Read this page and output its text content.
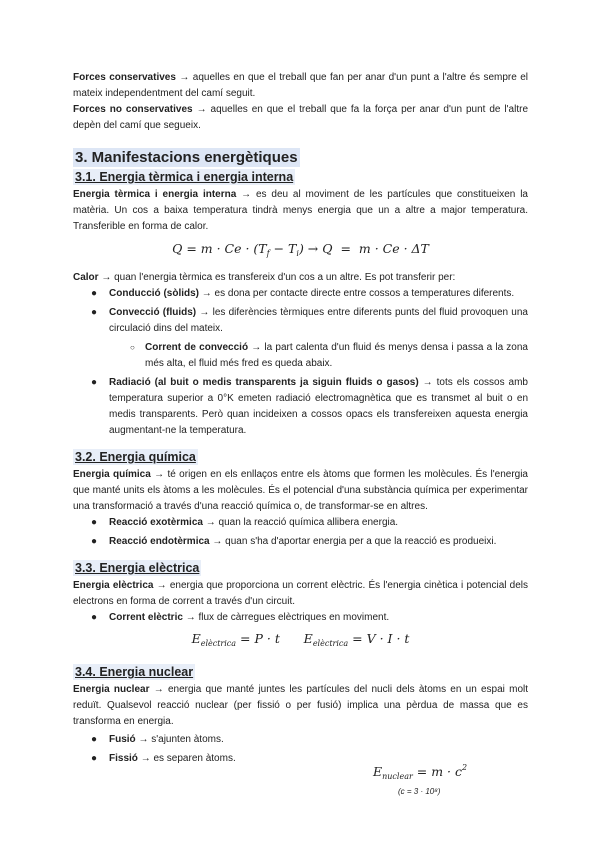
Forces conservatives → aquelles en que el treball que fan per anar d'un punt a l'altre és sempre el mateix independentment del camí seguit.

Forces no conservatives → aquelles en que el treball que fa la força per anar d'un punt de l'altre depèn del camí que segueix.

3. Manifestacions energètiques
3.1. Energia tèrmica i energia interna

Energia tèrmica i energia interna → es deu al moviment de les partícules que constitueixen la matèria. Un cos a baixa temperatura tindrà menys energia que un a altre a major temperatura. Transferible en forma de calor.

$Q = m \cdot Ce \cdot (T_f - T_i) \to Q = m \cdot Ce \cdot \Delta T$

Calor → quan l'energia tèrmica es transfereix d'un cos a un altre. Es pot transferir per:

● Conducció (sòlids) → es dona per contacte directe entre cossos a temperatures diferents.
● Convecció (fluids) → les diferències tèrmiques entre diferents punts del fluid provoquen una circulació dins del mateix.
○ Corrent de convecció → la part calenta d'un fluid és menys densa i passa a la zona més alta, el fluid més fred es queda abaix.
● Radiació (al buit o medis transparents ja siguin fluids o gasos) → tots els cossos amb temperatura superior a 0°K emeten radiació electromagnètica que es transmet al buit o en medis transparents. Però quan incideixen a cossos opacs els transfereixen aquesta energia augmentant-ne la temperatura.
3.2. Energia química

Energia química → té origen en els enllaços entre els àtoms que formen les molècules. És l'energia que manté units els àtoms a les molècules. És el potencial d'una substància química per experimentar una transformació a través d'una reacció química o, de transformar-se en altres.

● Reacció exotèrmica → quan la reacció química allibera energia.
● Reacció endotèrmica → quan s'ha d'aportar energia per a que la reacció es produeixi.
3.3. Energia elèctrica

Energia elèctrica → energia que proporciona un corrent elèctric. És l'energia cinètica i potencial dels electrons en forma de corrent a través d'un circuit.

● Corrent elèctric → flux de càrregues elèctriques en moviment.
$E_{elèctrica} = P \cdot t$      $E_{elèctrica} = V \cdot I \cdot t$
3.4. Energia nuclear

Energia nuclear → energia que manté juntes les partícules del nucli dels àtoms en un espai molt reduït. Qualsevol reacció nuclear (per fissió o per fusió) implica una pèrdua de massa que es transforma en energia.

● Fusió → s'ajunten àtoms.
● Fissió → es separen àtoms.
$E_{nuclear} = m \cdot c^2$
(c = 3 · 10⁸)
